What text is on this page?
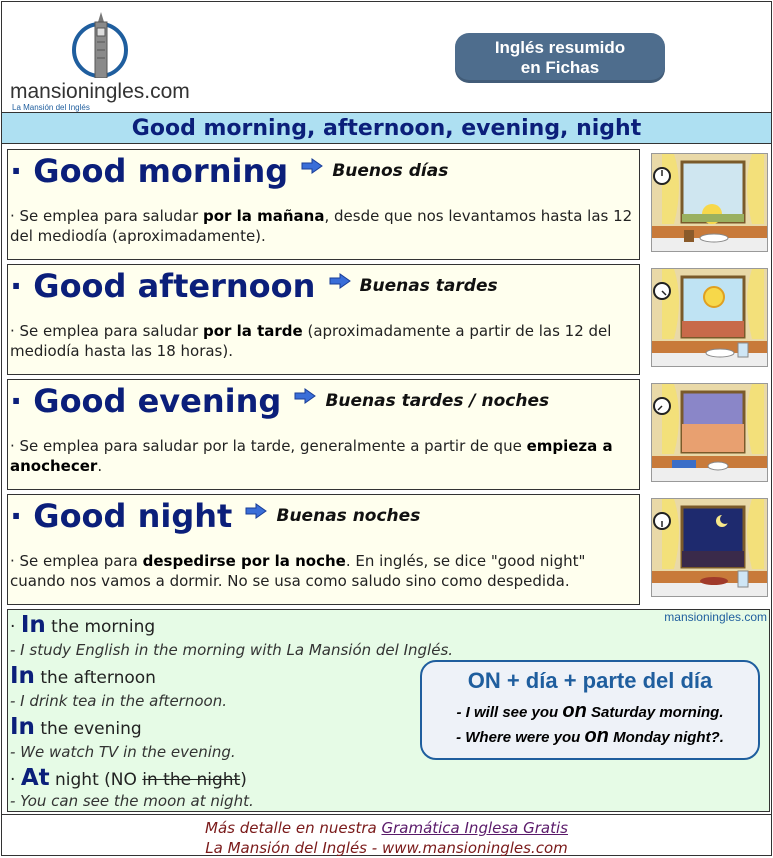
mansioningles.com
La Mansión del Inglés
Inglés resumido
en Fichas
Good morning, afternoon, evening, night
· Good morning	Buenos días
· Se emplea para saludar por la mañana, desde que nos levantamos hasta las 12 del mediodía (aproximadamente).
· Good afternoon	Buenas tardes
· Se emplea para saludar por la tarde (aproximadamente a partir de las 12 del mediodía hasta las 18 horas).
· Good evening	Buenas tardes / noches
· Se emplea para saludar por la tarde, generalmente a partir de que empieza a anochecer.
· Good night	Buenas noches
· Se emplea para despedirse por la noche. En inglés, se dice "good night" cuando nos vamos a dormir. No se usa como saludo sino como despedida.
mansioningles.com
· In the morning
- I study English in the morning with La Mansión del Inglés.
In the afternoon
- I drink tea in the afternoon.
In the evening
- We watch TV in the evening.
· At night (NO in the night)
- You can see the moon at night.
ON + día + parte del día
- I will see you on Saturday morning.
- Where were you on Monday night?.
Más detalle en nuestra Gramática Inglesa Gratis
La Mansión del Inglés - www.mansioningles.com
